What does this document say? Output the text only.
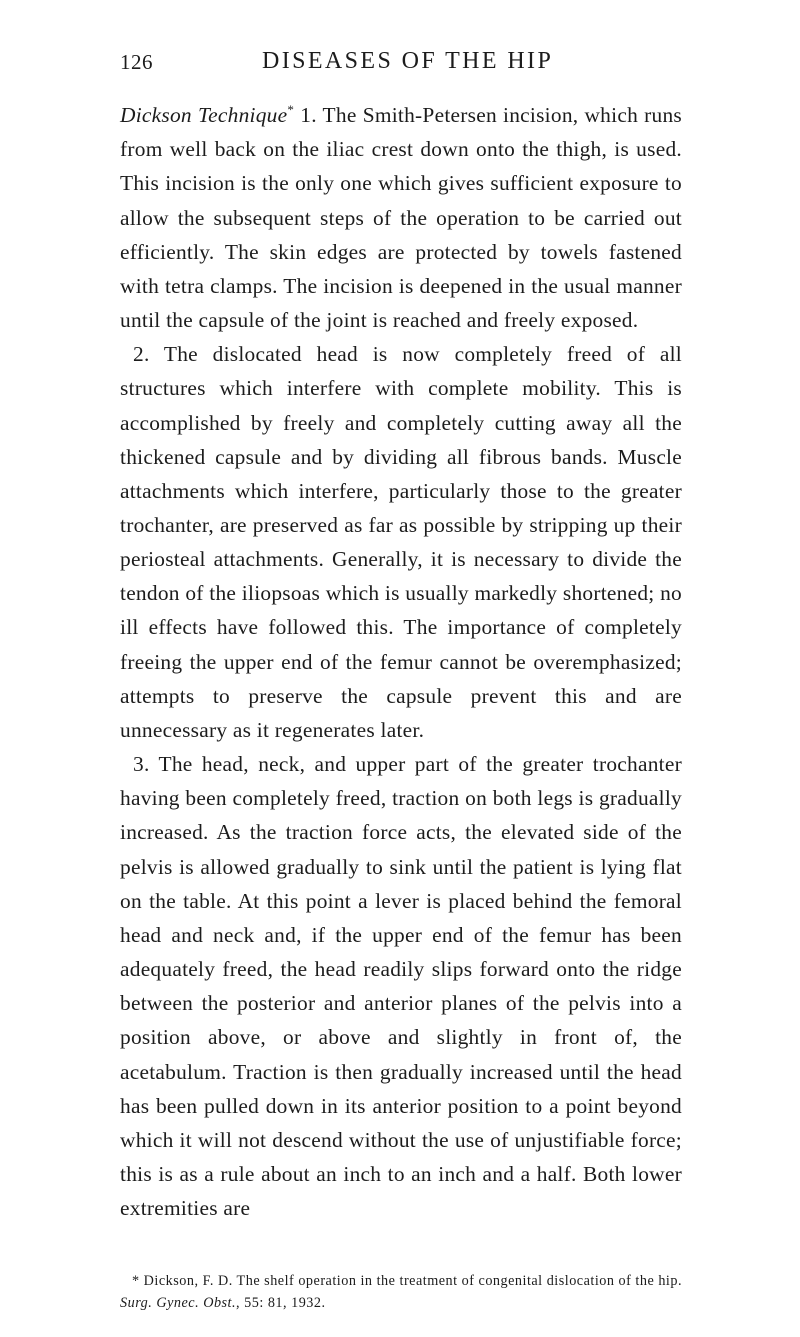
126	DISEASES OF THE HIP

Dickson Technique* 1. The Smith-Petersen incision, which runs from well back on the iliac crest down onto the thigh, is used. This incision is the only one which gives sufficient exposure to allow the subsequent steps of the operation to be carried out efficiently. The skin edges are protected by towels fastened with tetra clamps. The incision is deepened in the usual manner until the capsule of the joint is reached and freely exposed.

2. The dislocated head is now completely freed of all structures which interfere with complete mobility. This is accomplished by freely and completely cutting away all the thickened capsule and by dividing all fibrous bands. Muscle attachments which interfere, particularly those to the greater trochanter, are preserved as far as possible by stripping up their periosteal attachments. Generally, it is necessary to divide the tendon of the iliopsoas which is usually markedly shortened; no ill effects have followed this. The importance of completely freeing the upper end of the femur cannot be overemphasized; attempts to preserve the capsule prevent this and are unnecessary as it regenerates later.

3. The head, neck, and upper part of the greater trochanter having been completely freed, traction on both legs is gradually increased. As the traction force acts, the elevated side of the pelvis is allowed gradually to sink until the patient is lying flat on the table. At this point a lever is placed behind the femoral head and neck and, if the upper end of the femur has been adequately freed, the head readily slips forward onto the ridge between the posterior and anterior planes of the pelvis into a position above, or above and slightly in front of, the acetabulum. Traction is then gradually increased until the head has been pulled down in its anterior position to a point beyond which it will not descend without the use of unjustifiable force; this is as a rule about an inch to an inch and a half. Both lower extremities are

* Dickson, F. D. The shelf operation in the treatment of congenital dislocation of the hip. Surg. Gynec. Obst., 55: 81, 1932.
